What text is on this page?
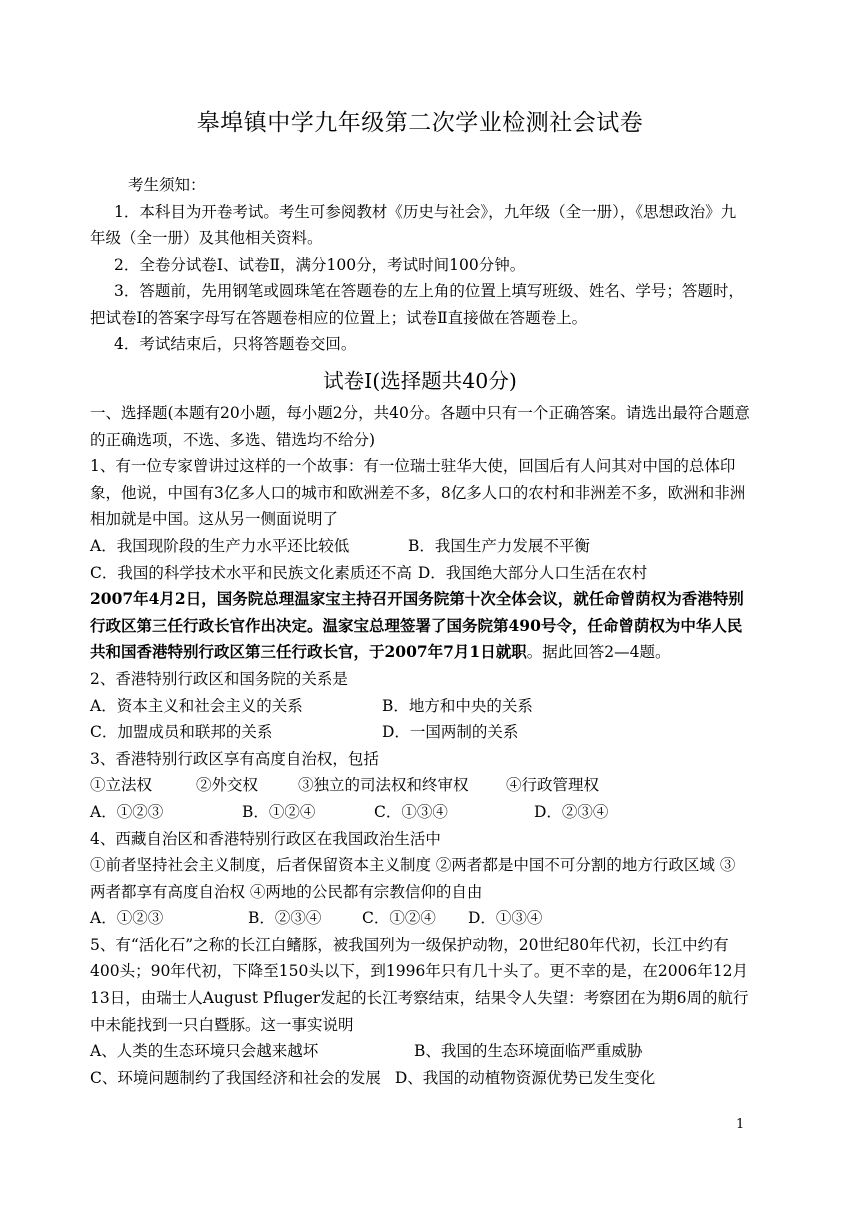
皋埠镇中学九年级第二次学业检测社会试卷

考生须知：

1．本科目为开卷考试。考生可参阅教材《历史与社会》，九年级（全一册），《思想政治》九年级（全一册）及其他相关资料。

2．全卷分试卷Ⅰ、试卷Ⅱ，满分100分，考试时间100分钟。

3．答题前，先用钢笔或圆珠笔在答题卷的左上角的位置上填写班级、姓名、学号；答题时，把试卷Ⅰ的答案字母写在答题卷相应的位置上；试卷Ⅱ直接做在答题卷上。

4．考试结束后，只将答题卷交回。

试卷Ⅰ(选择题共40分)

一、选择题(本题有20小题，每小题2分，共40分。各题中只有一个正确答案。请选出最符合题意的正确选项，不选、多选、错选均不给分)

1、有一位专家曾讲过这样的一个故事：有一位瑞士驻华大使，回国后有人问其对中国的总体印象，他说，中国有3亿多人口的城市和欧洲差不多，8亿多人口的农村和非洲差不多，欧洲和非洲相加就是中国。这从另一侧面说明了

A．我国现阶段的生产力水平还比较低	B．我国生产力发展不平衡
C．我国的科学技术水平和民族文化素质还不高 D．我国绝大部分人口生活在农村

2007年4月2日，国务院总理温家宝主持召开国务院第十次全体会议，就任命曾荫权为香港特别行政区第三任行政长官作出决定。温家宝总理签署了国务院第490号令，任命曾荫权为中华人民共和国香港特别行政区第三任行政长官，于2007年7月1日就职。据此回答2—4题。

2、香港特别行政区和国务院的关系是

A．资本主义和社会主义的关系	B．地方和中央的关系
C．加盟成员和联邦的关系	D．一国两制的关系

3、香港特别行政区享有高度自治权，包括

①立法权	②外交权	③独立的司法权和终审权	④行政管理权
A．①②③	B．①②④	C．①③④	D．②③④

4、西藏自治区和香港特别行政区在我国政治生活中

①前者坚持社会主义制度，后者保留资本主义制度 ②两者都是中国不可分割的地方行政区域 ③两者都享有高度自治权 ④两地的公民都有宗教信仰的自由

A．①②③	B．②③④	C．①②④	D．①③④

5、有“活化石”之称的长江白鳍豚，被我国列为一级保护动物，20世纪80年代初，长江中约有400头；90年代初，下降至150头以下，到1996年只有几十头了。更不幸的是，在2006年12月13日，由瑞士人August Pfluger发起的长江考察结束，结果令人失望：考察团在为期6周的航行中未能找到一只白暨豚。这一事实说明

A、人类的生态环境只会越来越坏	B、我国的生态环境面临严重威胁
C、环境问题制约了我国经济和社会的发展 D、我国的动植物资源优势已发生变化
1
